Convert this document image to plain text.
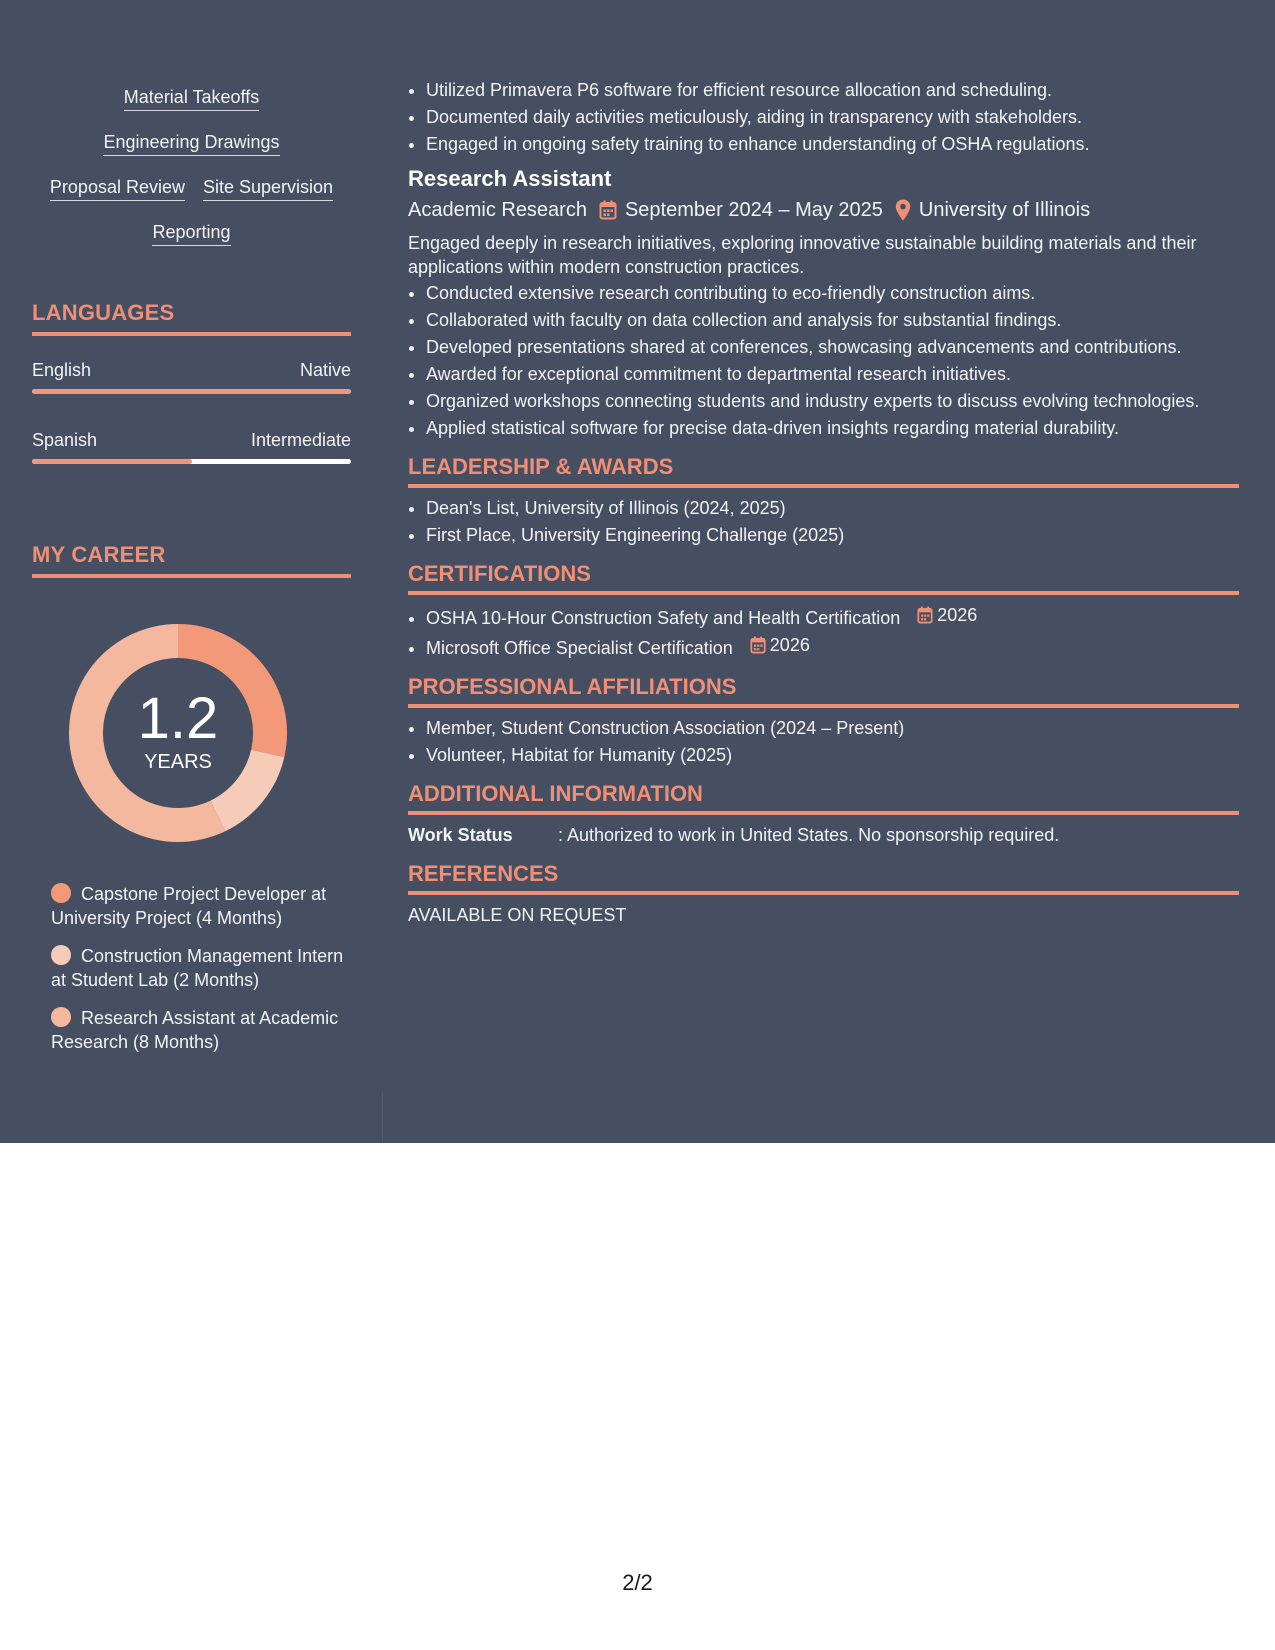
Material Takeoffs
Engineering Drawings
Proposal Review Site Supervision
Reporting
LANGUAGES
English	Native
Spanish	Intermediate
MY CAREER
1.2
YEARS
Capstone Project Developer at University Project (4 Months)
Construction Management Intern at Student Lab (2 Months)
Research Assistant at Academic Research (8 Months)
• Utilized Primavera P6 software for efficient resource allocation and scheduling.
• Documented daily activities meticulously, aiding in transparency with stakeholders.
• Engaged in ongoing safety training to enhance understanding of OSHA regulations.
Research Assistant
Academic Research September 2024 – May 2025 University of Illinois
Engaged deeply in research initiatives, exploring innovative sustainable building materials and their applications within modern construction practices.
• Conducted extensive research contributing to eco-friendly construction aims.
• Collaborated with faculty on data collection and analysis for substantial findings.
• Developed presentations shared at conferences, showcasing advancements and contributions.
• Awarded for exceptional commitment to departmental research initiatives.
• Organized workshops connecting students and industry experts to discuss evolving technologies.
• Applied statistical software for precise data-driven insights regarding material durability.
LEADERSHIP & AWARDS
• Dean's List, University of Illinois (2024, 2025)
• First Place, University Engineering Challenge (2025)
CERTIFICATIONS
• OSHA 10-Hour Construction Safety and Health Certification 2026
• Microsoft Office Specialist Certification 2026
PROFESSIONAL AFFILIATIONS
• Member, Student Construction Association (2024 – Present)
• Volunteer, Habitat for Humanity (2025)
ADDITIONAL INFORMATION
Work Status	: Authorized to work in United States. No sponsorship required.
REFERENCES
AVAILABLE ON REQUEST
2/2
